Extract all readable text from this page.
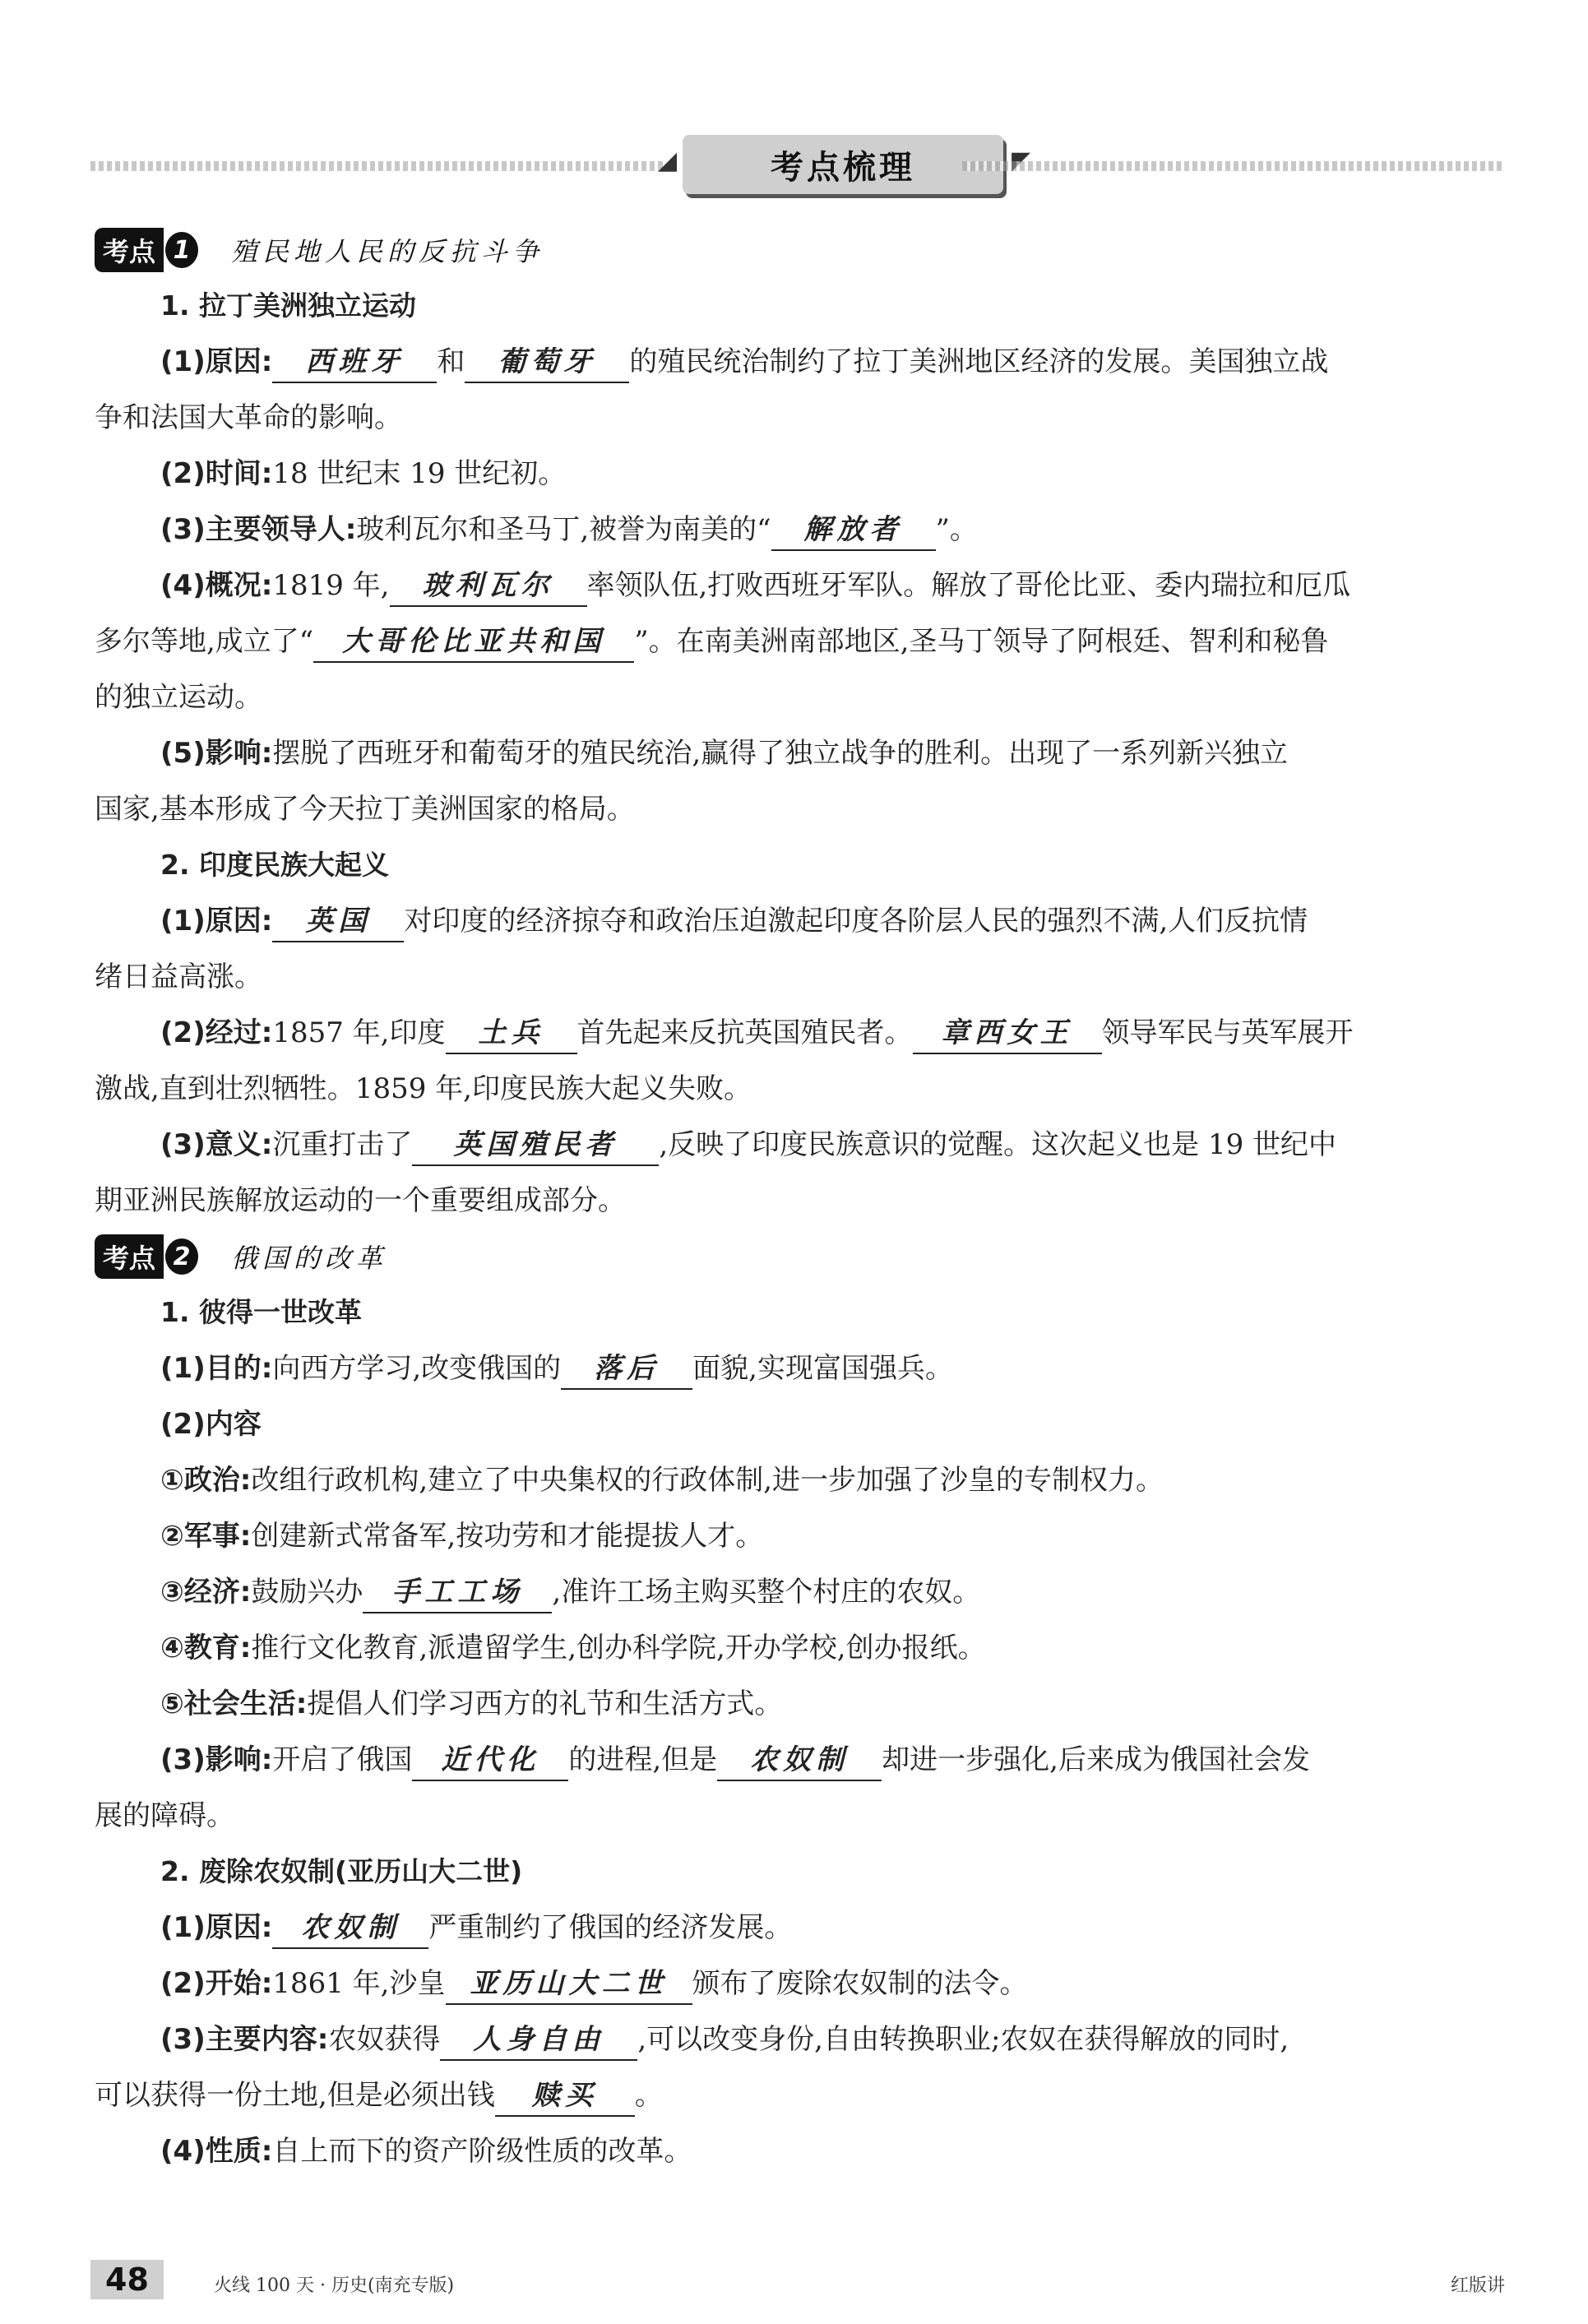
◢	考点梳理
考点 1 殖民地人民的反抗斗争
1. 拉丁美洲独立运动
(1)原因: 西班牙 和 葡萄牙 的殖民统治制约了拉丁美洲地区经济的发展。美国独立战
争和法国大革命的影响。
(2)时间:18 世纪末 19 世纪初。
(3)主要领导人:玻利瓦尔和圣马丁,被誉为南美的“ 解放者 ”。
(4)概况:1819 年, 玻利瓦尔 率领队伍,打败西班牙军队。解放了哥伦比亚、委内瑞拉和厄瓜
多尔等地,成立了“ 大哥伦比亚共和国 ”。在南美洲南部地区,圣马丁领导了阿根廷、智利和秘鲁
的独立运动。
(5)影响:摆脱了西班牙和葡萄牙的殖民统治,赢得了独立战争的胜利。出现了一系列新兴独立
国家,基本形成了今天拉丁美洲国家的格局。
2. 印度民族大起义
(1)原因: 英国 对印度的经济掠夺和政治压迫激起印度各阶层人民的强烈不满,人们反抗情
绪日益高涨。
(2)经过:1857 年,印度 土兵 首先起来反抗英国殖民者。 章西女王 领导军民与英军展开
激战,直到壮烈牺牲。1859 年,印度民族大起义失败。
(3)意义:沉重打击了 英国殖民者 ,反映了印度民族意识的觉醒。这次起义也是 19 世纪中
期亚洲民族解放运动的一个重要组成部分。
考点 2 俄国的改革
1. 彼得一世改革
(1)目的:向西方学习,改变俄国的 落后 面貌,实现富国强兵。
(2)内容
①政治:改组行政机构,建立了中央集权的行政体制,进一步加强了沙皇的专制权力。
②军事:创建新式常备军,按功劳和才能提拔人才。
③经济:鼓励兴办 手工工场 ,准许工场主购买整个村庄的农奴。
④教育:推行文化教育,派遣留学生,创办科学院,开办学校,创办报纸。
⑤社会生活:提倡人们学习西方的礼节和生活方式。
(3)影响:开启了俄国 近代化 的进程,但是 农奴制 却进一步强化,后来成为俄国社会发
展的障碍。
2. 废除农奴制(亚历山大二世)
(1)原因: 农奴制 严重制约了俄国的经济发展。
(2)开始:1861 年,沙皇 亚历山大二世 颁布了废除农奴制的法令。
(3)主要内容:农奴获得 人身自由 ,可以改变身份,自由转换职业;农奴在获得解放的同时,
可以获得一份土地,但是必须出钱 赎买 。
(4)性质:自上而下的资产阶级性质的改革。
48	火线 100 天 · 历史(南充专版)	红版讲
